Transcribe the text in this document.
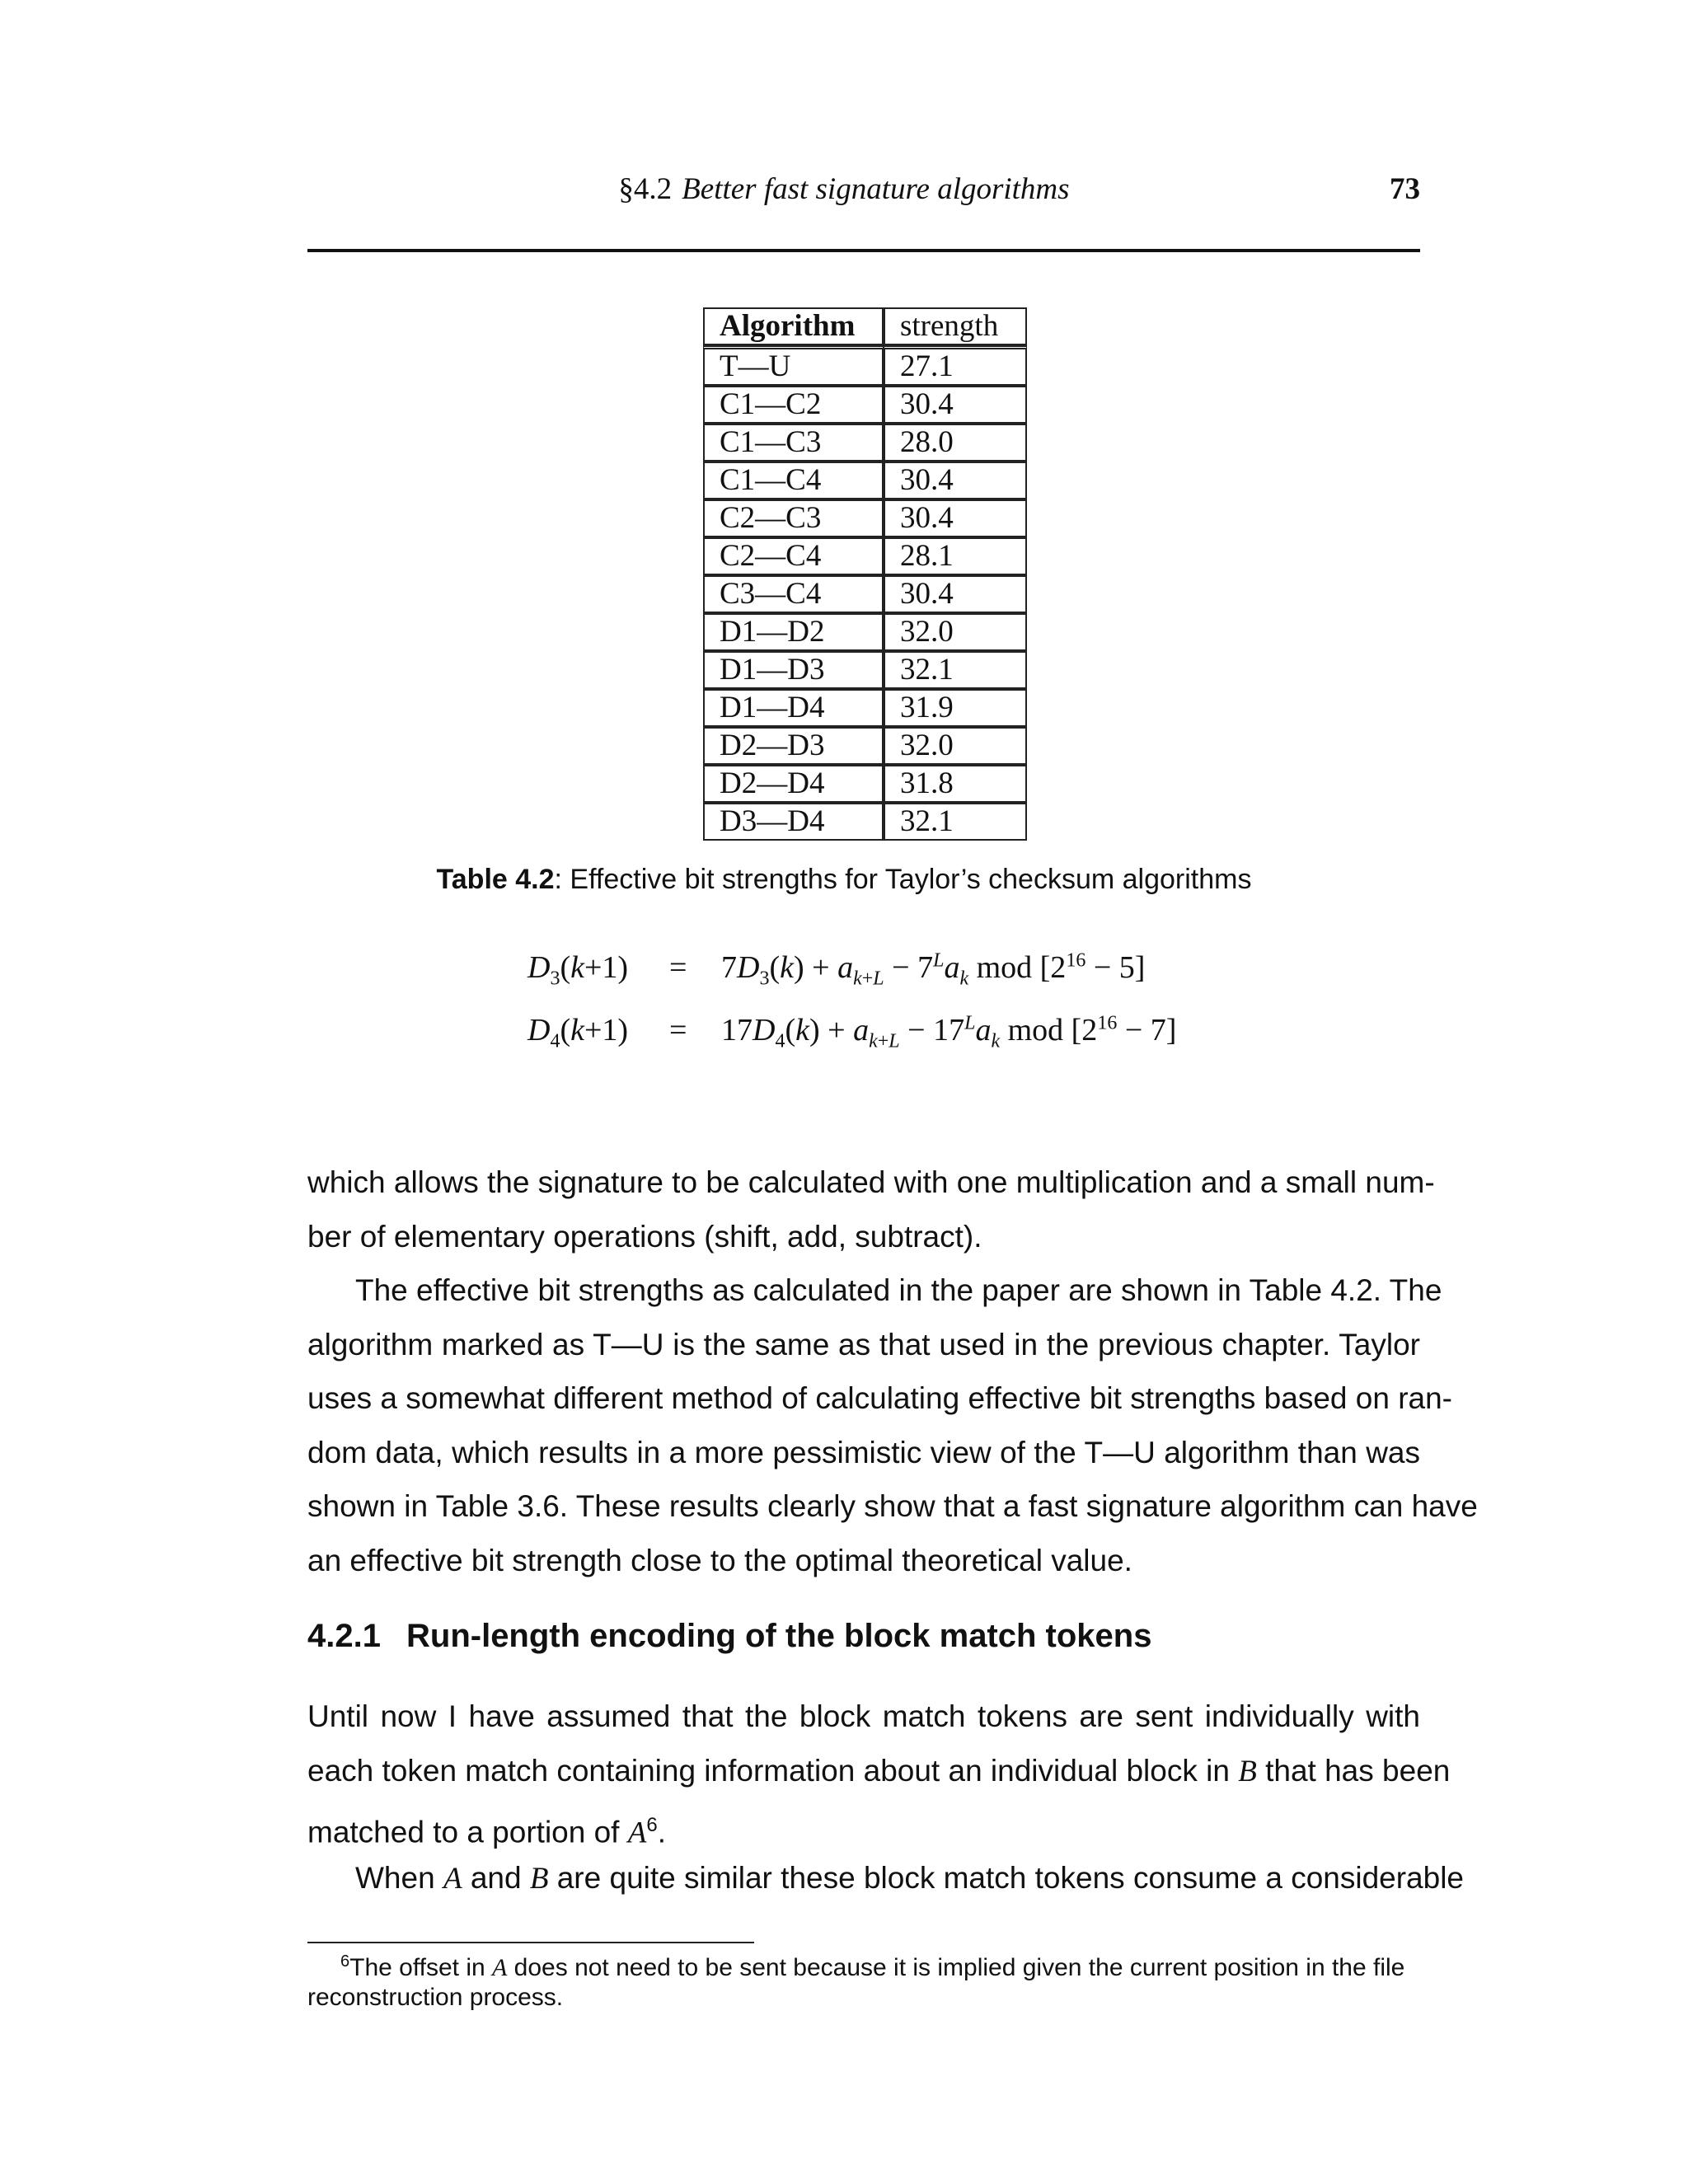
§4.2 Better fast signature algorithms	73
Algorithm	strength
T—U	27.1
C1—C2	30.4
C1—C3	28.0
C1—C4	30.4
C2—C3	30.4
C2—C4	28.1
C3—C4	30.4
D1—D2	32.0
D1—D3	32.1
D1—D4	31.9
D2—D3	32.0
D2—D4	31.8
D3—D4	32.1
Table 4.2: Effective bit strengths for Taylor’s checksum algorithms
$D_3(k+1) = 7D_3(k) + a_{k+L} - 7^La_k$ mod $[2^{16} - 5]$
$D_4(k+1) = 17D_4(k) + a_{k+L} - 17^La_k$ mod $[2^{16} - 7]$
which allows the signature to be calculated with one multiplication and a small num-
ber of elementary operations (shift, add, subtract).
The effective bit strengths as calculated in the paper are shown in Table 4.2. The
algorithm marked as T—U is the same as that used in the previous chapter. Taylor
uses a somewhat different method of calculating effective bit strengths based on ran-
dom data, which results in a more pessimistic view of the T—U algorithm than was
shown in Table 3.6. These results clearly show that a fast signature algorithm can have
an effective bit strength close to the optimal theoretical value.
4.2.1 Run-length encoding of the block match tokens
Until now I have assumed that the block match tokens are sent individually with
each token match containing information about an individual block in B that has been
matched to a portion of $A^6$.
When A and B are quite similar these block match tokens consume a considerable
$^6$The offset in A does not need to be sent because it is implied given the current position in the file
reconstruction process.
